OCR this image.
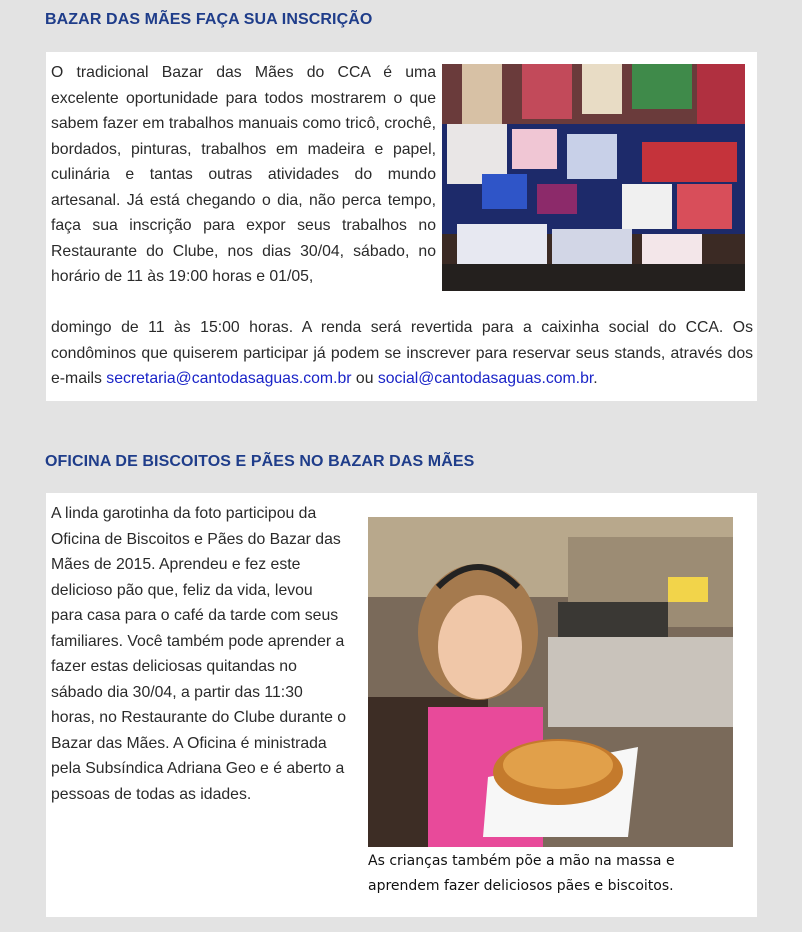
BAZAR DAS MÃES FAÇA SUA INSCRIÇÃO
O tradicional Bazar das Mães do CCA é uma excelente oportunidade para todos mostrarem o que sabem fazer em trabalhos manuais como tricô, crochê, bordados, pinturas, trabalhos em madeira e papel, culinária e tantas outras atividades do mundo artesanal. Já está chegando o dia, não perca tempo, faça sua inscrição para expor seus trabalhos no Restaurante do Clube, nos dias 30/04, sábado, no horário de 11 às 19:00 horas e 01/05,
domingo de 11 às 15:00 horas. A renda será revertida para a caixinha social do CCA. Os condôminos que quiserem participar já podem se inscrever para reservar seus stands, através dos e-mails secretaria@cantodasaguas.com.br ou social@cantodasaguas.com.br.
OFICINA DE BISCOITOS E PÃES NO BAZAR DAS MÃES
A linda garotinha da foto participou da Oficina de Biscoitos e Pães do Bazar das Mães de 2015. Aprendeu e fez este delicioso pão que, feliz da vida, levou para casa para o café da tarde com seus familiares. Você também pode aprender a fazer estas deliciosas quitandas no sábado dia 30/04, a partir das 11:30 horas, no Restaurante do Clube durante o Bazar das Mães. A Oficina é ministrada pela Subsíndica Adriana Geo e é aberto a pessoas de todas as idades.
As crianças também põe a mão na massa e aprendem fazer deliciosos pães e biscoitos.
